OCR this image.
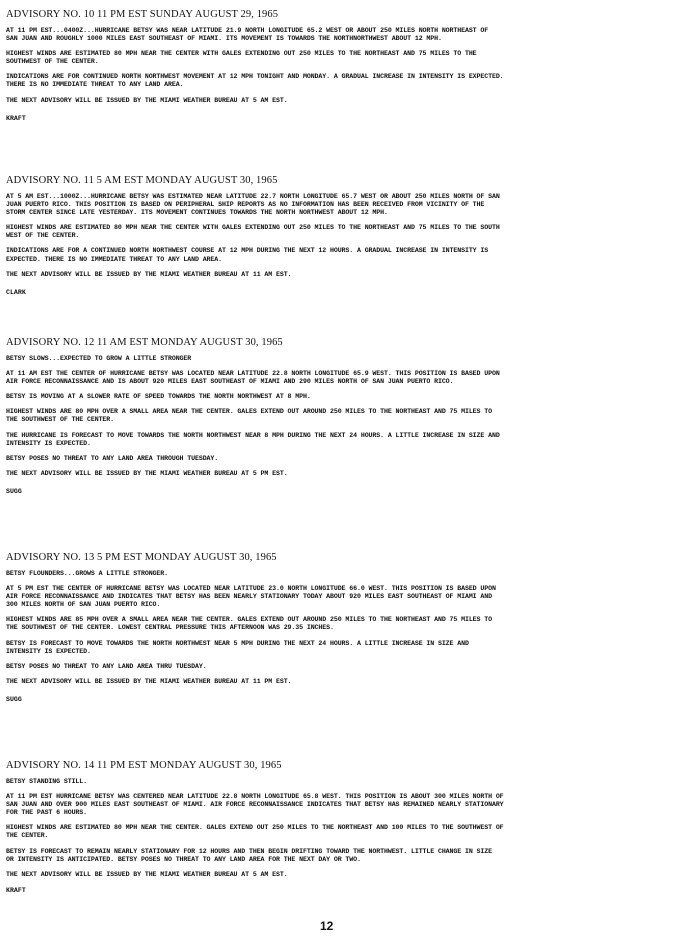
ADVISORY NO. 10 11 PM EST SUNDAY AUGUST 29, 1965

AT 11 PM EST...0400Z...HURRICANE BETSY WAS NEAR LATITUDE 21.9 NORTH LONGITUDE 65.2 WEST OR ABOUT 250 MILES NORTH NORTHEAST OF
SAN JUAN AND ROUGHLY 1000 MILES EAST SOUTHEAST OF MIAMI. ITS MOVEMENT IS TOWARDS THE NORTHNORTHWEST ABOUT 12 MPH.

HIGHEST WINDS ARE ESTIMATED 80 MPH NEAR THE CENTER WITH GALES EXTENDING OUT 250 MILES TO THE NORTHEAST AND 75 MILES TO THE
SOUTHWEST OF THE CENTER.

INDICATIONS ARE FOR CONTINUED NORTH NORTHWEST MOVEMENT AT 12 MPH TONIGHT AND MONDAY. A GRADUAL INCREASE IN INTENSITY IS EXPECTED.
THERE IS NO IMMEDIATE THREAT TO ANY LAND AREA.

THE NEXT ADVISORY WILL BE ISSUED BY THE MIAMI WEATHER BUREAU AT 5 AM EST.

KRAFT

ADVISORY NO. 11 5 AM EST MONDAY AUGUST 30, 1965

AT 5 AM EST...1000Z...HURRICANE BETSY WAS ESTIMATED NEAR LATITUDE 22.7 NORTH LONGITUDE 65.7 WEST OR ABOUT 250 MILES NORTH OF SAN
JUAN PUERTO RICO. THIS POSITION IS BASED ON PERIPHERAL SHIP REPORTS AS NO INFORMATION HAS BEEN RECEIVED FROM VICINITY OF THE
STORM CENTER SINCE LATE YESTERDAY. ITS MOVEMENT CONTINUES TOWARDS THE NORTH NORTHWEST ABOUT 12 MPH.

HIGHEST WINDS ARE ESTIMATED 80 MPH NEAR THE CENTER WITH GALES EXTENDING OUT 250 MILES TO THE NORTHEAST AND 75 MILES TO THE SOUTH
WEST OF THE CENTER.

INDICATIONS ARE FOR A CONTINUED NORTH NORTHWEST COURSE AT 12 MPH DURING THE NEXT 12 HOURS. A GRADUAL INCREASE IN INTENSITY IS
EXPECTED. THERE IS NO IMMEDIATE THREAT TO ANY LAND AREA.

THE NEXT ADVISORY WILL BE ISSUED BY THE MIAMI WEATHER BUREAU AT 11 AM EST.

CLARK

ADVISORY NO. 12 11 AM EST MONDAY AUGUST 30, 1965

BETSY SLOWS...EXPECTED TO GROW A LITTLE STRONGER

AT 11 AM EST THE CENTER OF HURRICANE BETSY WAS LOCATED NEAR LATITUDE 22.8 NORTH LONGITUDE 65.9 WEST. THIS POSITION IS BASED UPON
AIR FORCE RECONNAISSANCE AND IS ABOUT 920 MILES EAST SOUTHEAST OF MIAMI AND 290 MILES NORTH OF SAN JUAN PUERTO RICO.

BETSY IS MOVING AT A SLOWER RATE OF SPEED TOWARDS THE NORTH NORTHWEST AT 8 MPH.

HIGHEST WINDS ARE 80 MPH OVER A SMALL AREA NEAR THE CENTER. GALES EXTEND OUT AROUND 250 MILES TO THE NORTHEAST AND 75 MILES TO
THE SOUTHWEST OF THE CENTER.

THE HURRICANE IS FORECAST TO MOVE TOWARDS THE NORTH NORTHWEST NEAR 8 MPH DURING THE NEXT 24 HOURS. A LITTLE INCREASE IN SIZE AND
INTENSITY IS EXPECTED.

BETSY POSES NO THREAT TO ANY LAND AREA THROUGH TUESDAY.

THE NEXT ADVISORY WILL BE ISSUED BY THE MIAMI WEATHER BUREAU AT 5 PM EST.

SUGG

ADVISORY NO. 13 5 PM EST MONDAY AUGUST 30, 1965

BETSY FLOUNDERS...GROWS A LITTLE STRONGER.

AT 5 PM EST THE CENTER OF HURRICANE BETSY WAS LOCATED NEAR LATITUDE 23.0 NORTH LONGITUDE 66.0 WEST. THIS POSITION IS BASED UPON
AIR FORCE RECONNAISSANCE AND INDICATES THAT BETSY HAS BEEN NEARLY STATIONARY TODAY ABOUT 920 MILES EAST SOUTHEAST OF MIAMI AND
300 MILES NORTH OF SAN JUAN PUERTO RICO.

HIGHEST WINDS ARE 85 MPH OVER A SMALL AREA NEAR THE CENTER. GALES EXTEND OUT AROUND 250 MILES TO THE NORTHEAST AND 75 MILES TO
THE SOUTHWEST OF THE CENTER. LOWEST CENTRAL PRESSURE THIS AFTERNOON WAS 29.35 INCHES.

BETSY IS FORECAST TO MOVE TOWARDS THE NORTH NORTHWEST NEAR 5 MPH DURING THE NEXT 24 HOURS. A LITTLE INCREASE IN SIZE AND
INTENSITY IS EXPECTED.

BETSY POSES NO THREAT TO ANY LAND AREA THRU TUESDAY.

THE NEXT ADVISORY WILL BE ISSUED BY THE MIAMI WEATHER BUREAU AT 11 PM EST.

SUGG

ADVISORY NO. 14 11 PM EST MONDAY AUGUST 30, 1965

BETSY STANDING STILL.

AT 11 PM EST HURRICANE BETSY WAS CENTERED NEAR LATITUDE 22.8 NORTH LONGITUDE 65.8 WEST. THIS POSITION IS ABOUT 300 MILES NORTH OF
SAN JUAN AND OVER 900 MILES EAST SOUTHEAST OF MIAMI. AIR FORCE RECONNAISSANCE INDICATES THAT BETSY HAS REMAINED NEARLY STATIONARY
FOR THE PAST 6 HOURS.

HIGHEST WINDS ARE ESTIMATED 80 MPH NEAR THE CENTER. GALES EXTEND OUT 250 MILES TO THE NORTHEAST AND 100 MILES TO THE SOUTHWEST OF
THE CENTER.

BETSY IS FORECAST TO REMAIN NEARLY STATIONARY FOR 12 HOURS AND THEN BEGIN DRIFTING TOWARD THE NORTHWEST. LITTLE CHANGE IN SIZE
OR INTENSITY IS ANTICIPATED. BETSY POSES NO THREAT TO ANY LAND AREA FOR THE NEXT DAY OR TWO.

THE NEXT ADVISORY WILL BE ISSUED BY THE MIAMI WEATHER BUREAU AT 5 AM EST.

KRAFT

12
